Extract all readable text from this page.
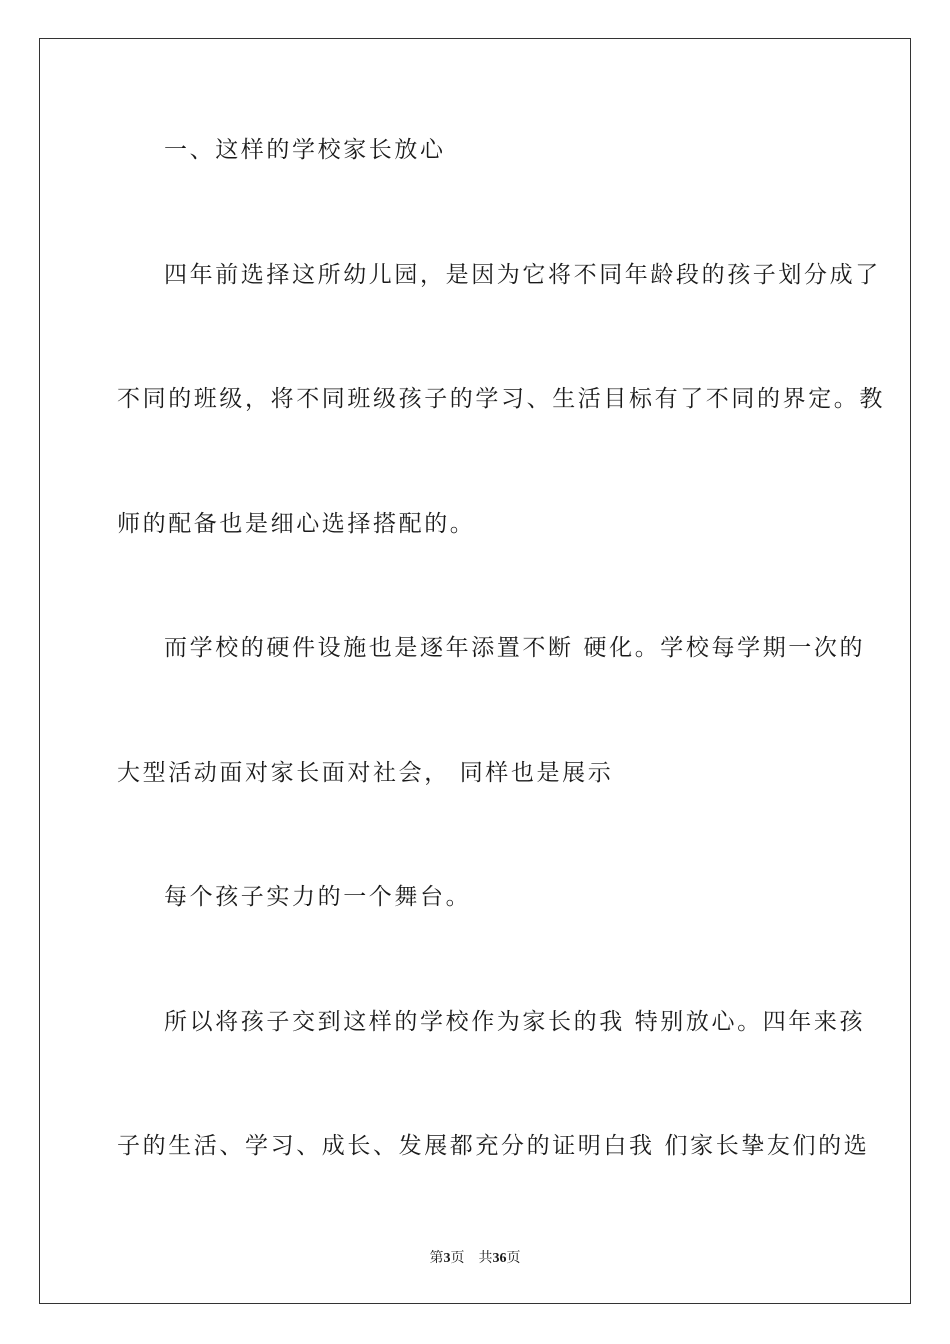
一、这样的学校家长放心
四年前选择这所幼儿园，是因为它将不同年龄段的孩子划分成了
不同的班级，将不同班级孩子的学习、生活目标有了不同的界定。教
师的配备也是细心选择搭配的。
而学校的硬件设施也是逐年添置不断 硬化。学校每学期一次的
大型活动面对家长面对社会， 同样也是展示
每个孩子实力的一个舞台。
所以将孩子交到这样的学校作为家长的我 特别放心。四年来孩
子的生活、学习、成长、发展都充分的证明白我 们家长挚友们的选
第3页 共36页
